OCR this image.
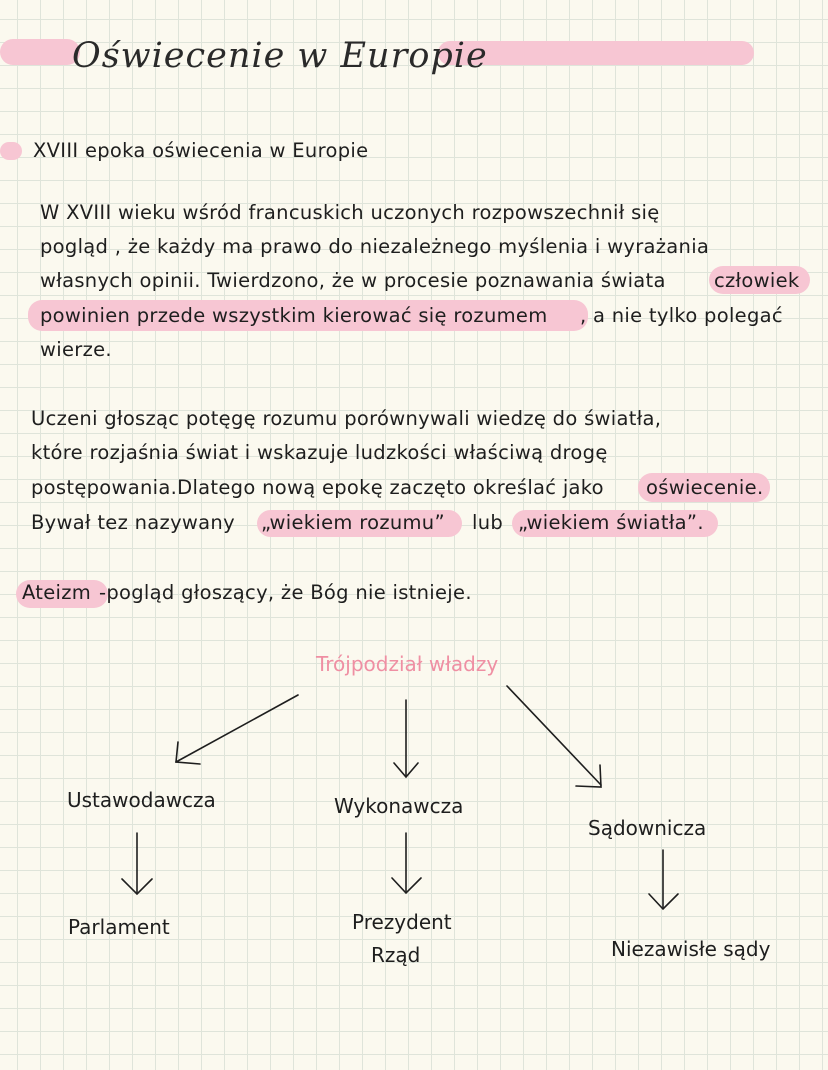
Oświecenie w Europie
XVIII epoka oświecenia w Europie
W XVIII wieku wśród francuskich uczonych rozpowszechnił się
pogląd , że każdy ma prawo do niezależnego myślenia i wyrażania
własnych opinii. Twierdzono, że w procesie poznawania świata człowiek
powinien przede wszystkim kierować się rozumem , a nie tylko polegać
wierze.
Uczeni głosząc potęgę rozumu porównywali wiedzę do światła,
które rozjaśnia świat i wskazuje ludzkości właściwą drogę
postępowania.Dlatego nową epokę zaczęto określać jako oświecenie.
Bywał tez nazywany „wiekiem rozumu” lub „wiekiem światła”.
Ateizm -pogląd głoszący, że Bóg nie istnieje.
Trójpodział władzy
Ustawodawcza	Wykonawcza
Sądownicza
Parlament	Prezydent
Rząd	Niezawisłe sądy
